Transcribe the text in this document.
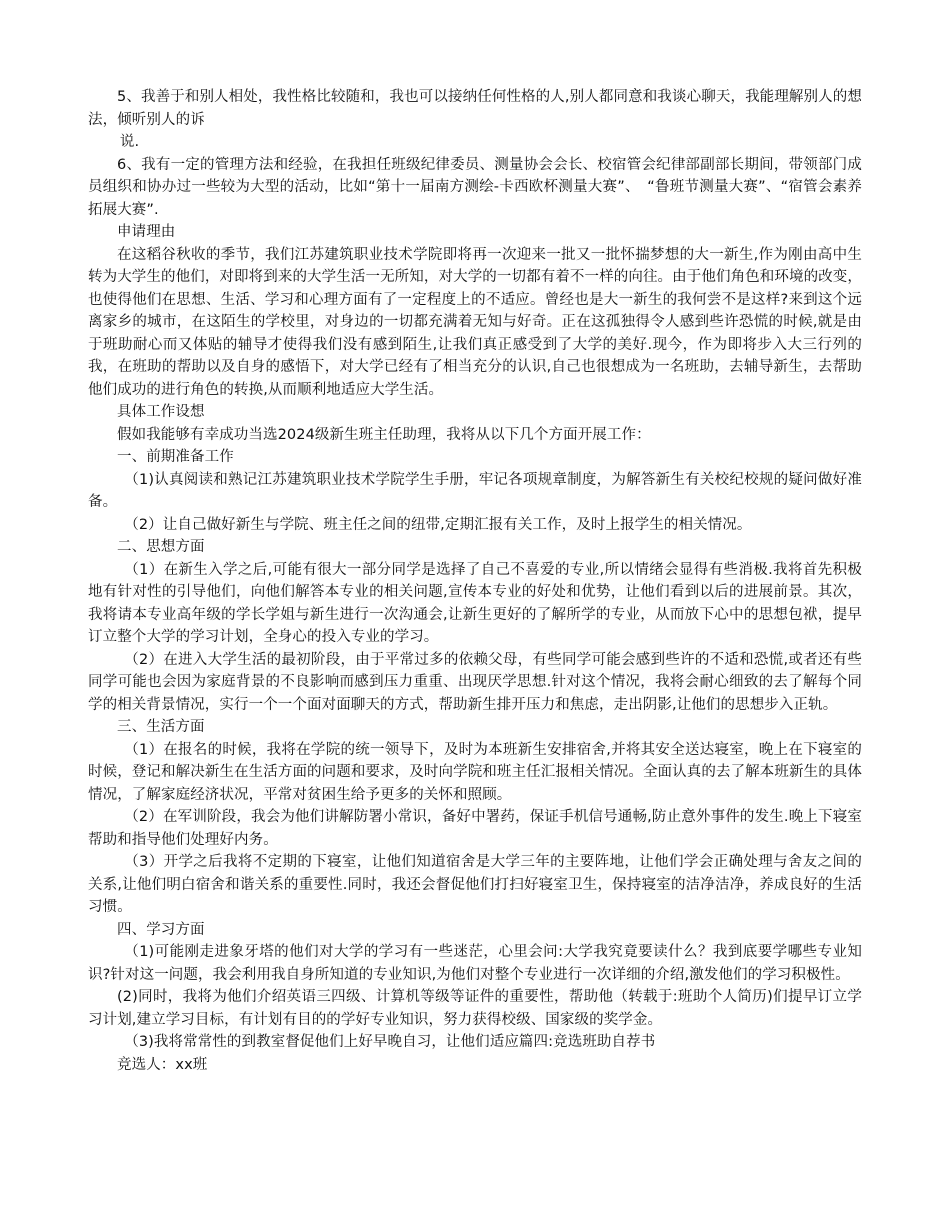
5、我善于和别人相处，我性格比较随和，我也可以接纳任何性格的人,别人都同意和我谈心聊天，我能理解别人的想法，倾听别人的诉

说.

6、我有一定的管理方法和经验，在我担任班级纪律委员、测量协会会长、校宿管会纪律部副部长期间，带领部门成员组织和协办过一些较为大型的活动，比如“第十一届南方测绘-卡西欧杯测量大赛”、　“鲁班节测量大赛”、“宿管会素养拓展大赛”.

申请理由

在这稻谷秋收的季节，我们江苏建筑职业技术学院即将再一次迎来一批又一批怀揣梦想的大一新生,作为刚由高中生转为大学生的他们，对即将到来的大学生活一无所知，对大学的一切都有着不一样的向往。由于他们角色和环境的改变，也使得他们在思想、生活、学习和心理方面有了一定程度上的不适应。曾经也是大一新生的我何尝不是这样?来到这个远离家乡的城市，在这陌生的学校里，对身边的一切都充满着无知与好奇。正在这孤独得令人感到些许恐慌的时候,就是由于班助耐心而又体贴的辅导才使得我们没有感到陌生,让我们真正感受到了大学的美好.现今，作为即将步入大三行列的我，在班助的帮助以及自身的感悟下，对大学已经有了相当充分的认识,自己也很想成为一名班助，去辅导新生，去帮助他们成功的进行角色的转换,从而顺利地适应大学生活。

具体工作设想

假如我能够有幸成功当选2024级新生班主任助理，我将从以下几个方面开展工作：

一、前期准备工作

（1)认真阅读和熟记江苏建筑职业技术学院学生手册，牢记各项规章制度，为解答新生有关校纪校规的疑问做好准备。

（2）让自己做好新生与学院、班主任之间的纽带,定期汇报有关工作，及时上报学生的相关情况。

二、思想方面

（1）在新生入学之后,可能有很大一部分同学是选择了自己不喜爱的专业,所以情绪会显得有些消极.我将首先积极地有针对性的引导他们，向他们解答本专业的相关问题,宣传本专业的好处和优势，让他们看到以后的进展前景。其次，我将请本专业高年级的学长学姐与新生进行一次沟通会,让新生更好的了解所学的专业，从而放下心中的思想包袱，提早订立整个大学的学习计划，全身心的投入专业的学习。

（2）在进入大学生活的最初阶段，由于平常过多的依赖父母，有些同学可能会感到些许的不适和恐慌,或者还有些同学可能也会因为家庭背景的不良影响而感到压力重重、出现厌学思想.针对这个情况，我将会耐心细致的去了解每个同学的相关背景情况，实行一个一个面对面聊天的方式，帮助新生排开压力和焦虑，走出阴影,让他们的思想步入正轨。

三、生活方面

（1）在报名的时候，我将在学院的统一领导下，及时为本班新生安排宿舍,并将其安全送达寝室，晚上在下寝室的时候，登记和解决新生在生活方面的问题和要求，及时向学院和班主任汇报相关情况。全面认真的去了解本班新生的具体情况，了解家庭经济状况，平常对贫困生给予更多的关怀和照顾。

（2）在军训阶段，我会为他们讲解防署小常识，备好中署药，保证手机信号通畅,防止意外事件的发生.晚上下寝室帮助和指导他们处理好内务。

（3）开学之后我将不定期的下寝室，让他们知道宿舍是大学三年的主要阵地，让他们学会正确处理与舍友之间的关系,让他们明白宿舍和谐关系的重要性.同时，我还会督促他们打扫好寝室卫生，保持寝室的洁净洁净，养成良好的生活习惯。

四、学习方面

（1)可能刚走进象牙塔的他们对大学的学习有一些迷茫，心里会问:大学我究竟要读什么？我到底要学哪些专业知识?针对这一问题，我会利用我自身所知道的专业知识,为他们对整个专业进行一次详细的介绍,激发他们的学习积极性。

(2)同时，我将为他们介绍英语三四级、计算机等级等证件的重要性，帮助他（转载于:班助个人简历)们提早订立学习计划,建立学习目标，有计划有目的的学好专业知识，努力获得校级、国家级的奖学金。

（3)我将常常性的到教室督促他们上好早晚自习，让他们适应篇四:竞选班助自荐书

竞选人：xx班
